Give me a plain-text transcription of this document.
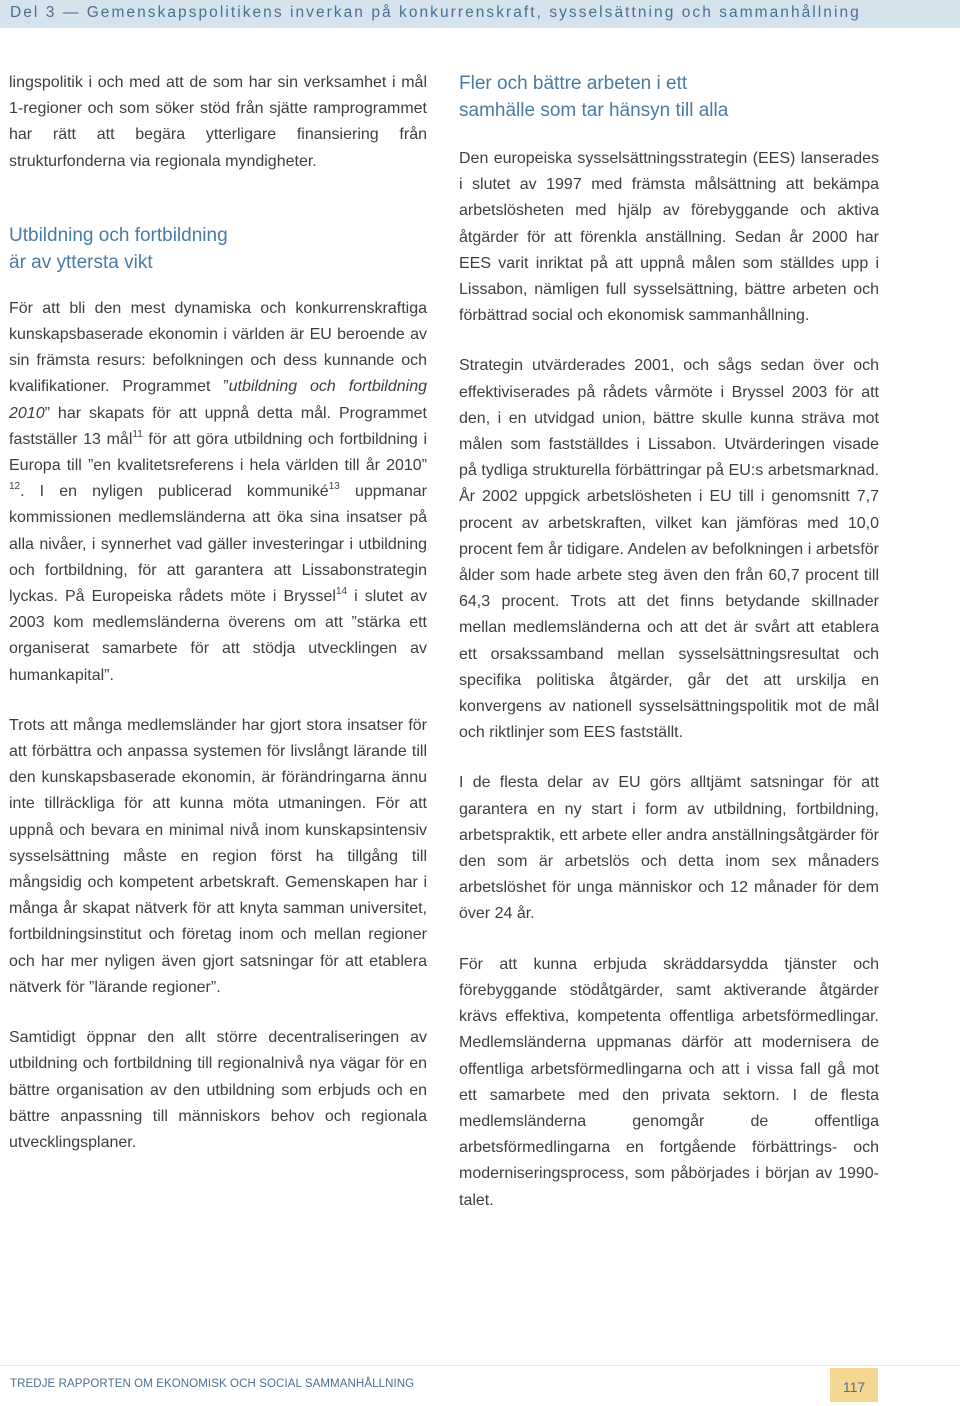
Del 3 — Gemenskapspolitikens inverkan på konkurrenskraft, sysselsättning och sammanhållning

lingspolitik i och med att de som har sin verksamhet i mål 1-regioner och som söker stöd från sjätte ramprogrammet har rätt att begära ytterligare finansiering från strukturfonderna via regionala myndigheter.

Utbildning och fortbildning
är av yttersta vikt

För att bli den mest dynamiska och konkurrenskraftiga kunskapsbaserade ekonomin i världen är EU beroende av sin främsta resurs: befolkningen och dess kunnande och kvalifikationer. Programmet ”utbildning och fortbildning 2010” har skapats för att uppnå detta mål. Programmet fastställer 13 mål$^{11}$ för att göra utbildning och fortbildning i Europa till ”en kvalitetsreferens i hela världen till år 2010” $^{12}$. I en nyligen publicerad kommuniké$^{13}$ uppmanar kommissionen medlemsländerna att öka sina insatser på alla nivåer, i synnerhet vad gäller investeringar i utbildning och fortbildning, för att garantera att Lissabonstrategin lyckas. På Europeiska rådets möte i Bryssel$^{14}$ i slutet av 2003 kom medlemsländerna överens om att ”stärka ett organiserat samarbete för att stödja utvecklingen av humankapital”.

Trots att många medlemsländer har gjort stora insatser för att förbättra och anpassa systemen för livslångt lärande till den kunskapsbaserade ekonomin, är förändringarna ännu inte tillräckliga för att kunna möta utmaningen. För att uppnå och bevara en minimal nivå inom kunskapsintensiv sysselsättning måste en region först ha tillgång till mångsidig och kompetent arbetskraft. Gemenskapen har i många år skapat nätverk för att knyta samman universitet, fortbildningsinstitut och företag inom och mellan regioner och har mer nyligen även gjort satsningar för att etablera nätverk för ”lärande regioner”.

Samtidigt öppnar den allt större decentraliseringen av utbildning och fortbildning till regionalnivå nya vägar för en bättre organisation av den utbildning som erbjuds och en bättre anpassning till människors behov och regionala utvecklingsplaner.

Fler och bättre arbeten i ett
samhälle som tar hänsyn till alla

Den europeiska sysselsättningsstrategin (EES) lanserades i slutet av 1997 med främsta målsättning att bekämpa arbetslösheten med hjälp av förebyggande och aktiva åtgärder för att förenkla anställning. Sedan år 2000 har EES varit inriktat på att uppnå målen som ställdes upp i Lissabon, nämligen full sysselsättning, bättre arbeten och förbättrad social och ekonomisk sammanhållning.

Strategin utvärderades 2001, och sågs sedan över och effektiviserades på rådets vårmöte i Bryssel 2003 för att den, i en utvidgad union, bättre skulle kunna sträva mot målen som fastställdes i Lissabon. Utvärderingen visade på tydliga strukturella förbättringar på EU:s arbetsmarknad. År 2002 uppgick arbetslösheten i EU till i genomsnitt 7,7 procent av arbetskraften, vilket kan jämföras med 10,0 procent fem år tidigare. Andelen av befolkningen i arbetsför ålder som hade arbete steg även den från 60,7 procent till 64,3 procent. Trots att det finns betydande skillnader mellan medlemsländerna och att det är svårt att etablera ett orsakssamband mellan sysselsättningsresultat och specifika politiska åtgärder, går det att urskilja en konvergens av nationell sysselsättningspolitik mot de mål och riktlinjer som EES fastställt.

I de flesta delar av EU görs alltjämt satsningar för att garantera en ny start i form av utbildning, fortbildning, arbetspraktik, ett arbete eller andra anställningsåtgärder för den som är arbetslös och detta inom sex månaders arbetslöshet för unga människor och 12 månader för dem över 24 år.

För att kunna erbjuda skräddarsydda tjänster och förebyggande stödåtgärder, samt aktiverande åtgärder krävs effektiva, kompetenta offentliga arbetsförmedlingar. Medlemsländerna uppmanas därför att modernisera de offentliga arbetsförmedlingarna och att i vissa fall gå mot ett samarbete med den privata sektorn. I de flesta medlemsländerna genomgår de offentliga arbetsförmedlingarna en fortgående förbättrings- och moderniseringsprocess, som påbörjades i början av 1990-talet.

TREDJE RAPPORTEN OM EKONOMISK OCH SOCIAL SAMMANHÅLLNING	117
